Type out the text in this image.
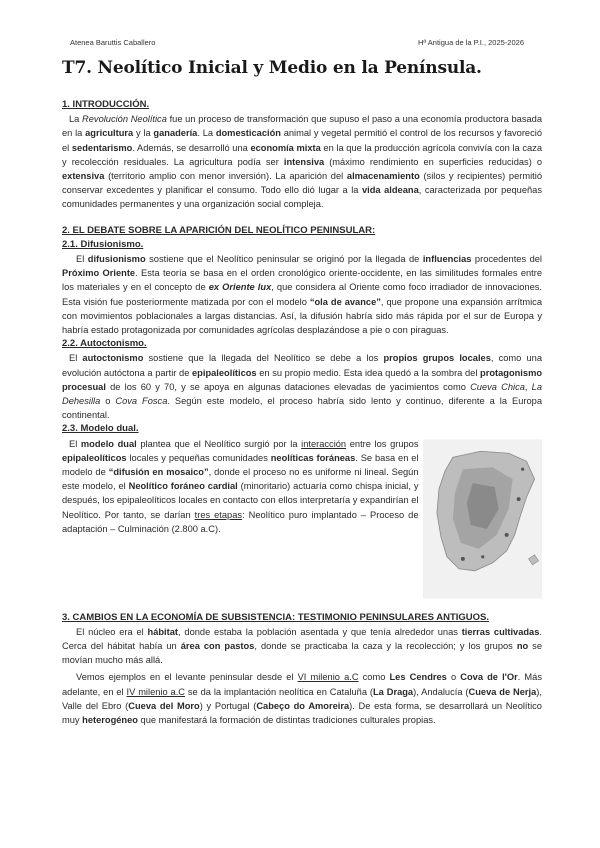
Atenea Baruttis Caballero	Hª Antigua de la P.I., 2025-2026
T7. Neolítico Inicial y Medio en la Península.

1. INTRODUCCIÓN.

La Revolución Neolítica fue un proceso de transformación que supuso el paso a una economía productora basada en la agricultura y la ganadería. La domesticación animal y vegetal permitió el control de los recursos y favoreció el sedentarismo. Además, se desarrolló una economía mixta en la que la producción agrícola convivía con la caza y recolección residuales. La agricultura podía ser intensiva (máximo rendimiento en superficies reducidas) o extensiva (territorio amplio con menor inversión). La aparición del almacenamiento (silos y recipientes) permitió conservar excedentes y planificar el consumo. Todo ello dió lugar a la vida aldeana, caracterizada por pequeñas comunidades permanentes y una organización social compleja.

2. EL DEBATE SOBRE LA APARICIÓN DEL NEOLÍTICO PENINSULAR:

2.1. Difusionismo.

El difusionismo sostiene que el Neolítico peninsular se originó por la llegada de influencias procedentes del Próximo Oriente. Esta teoría se basa en el orden cronológico oriente-occidente, en las similitudes formales entre los materiales y en el concepto de ex Oriente lux, que considera al Oriente como foco irradiador de innovaciones. Esta visión fue posteriormente matizada por con el modelo “ola de avance”, que propone una expansión arrítmica con movimientos poblacionales a largas distancias. Así, la difusión habría sido más rápida por el sur de Europa y habría estado protagonizada por comunidades agrícolas desplazándose a pie o con piraguas.

2.2. Autoctonismo.

El autoctonismo sostiene que la llegada del Neolítico se debe a los propios grupos locales, como una evolución autóctona a partir de epipaleolíticos en su propio medio. Esta idea quedó a la sombra del protagonismo procesual de los 60 y 70, y se apoya en algunas dataciones elevadas de yacimientos como Cueva Chica, La Dehesilla o Cova Fosca. Según este modelo, el proceso habría sido lento y continuo, diferente a la Europa continental.

2.3. Modelo dual.

El modelo dual plantea que el Neolítico surgió por la interacción entre los grupos epipaleolíticos locales y pequeñas comunidades neolíticas foráneas. Se basa en el modelo de “difusión en mosaico”, donde el proceso no es uniforme ni lineal. Según este modelo, el Neolítico foráneo cardial (minoritario) actuaría como chispa inicial, y después, los epipaleolíticos locales en contacto con ellos interpretaría y expandirían el Neolítico. Por tanto, se darían tres etapas: Neolítico puro implantado – Proceso de adaptación – Culminación (2.800 a.C).

3. CAMBIOS EN LA ECONOMÍA DE SUBSISTENCIA: TESTIMONIO PENINSULARES ANTIGUOS.

El núcleo era el hábitat, donde estaba la población asentada y que tenía alrededor unas tierras cultivadas. Cerca del hábitat había un área con pastos, donde se practicaba la caza y la recolección; y los grupos no se movían mucho más allá.

Vemos ejemplos en el levante peninsular desde el VI milenio a.C como Les Cendres o Cova de l'Or. Más adelante, en el IV milenio a.C se da la implantación neolítica en Cataluña (La Draga), Andalucía (Cueva de Nerja), Valle del Ebro (Cueva del Moro) y Portugal (Cabeço do Amoreira). De esta forma, se desarrollará un Neolítico muy heterogéneo que manifestará la formación de distintas tradiciones culturales propias.
